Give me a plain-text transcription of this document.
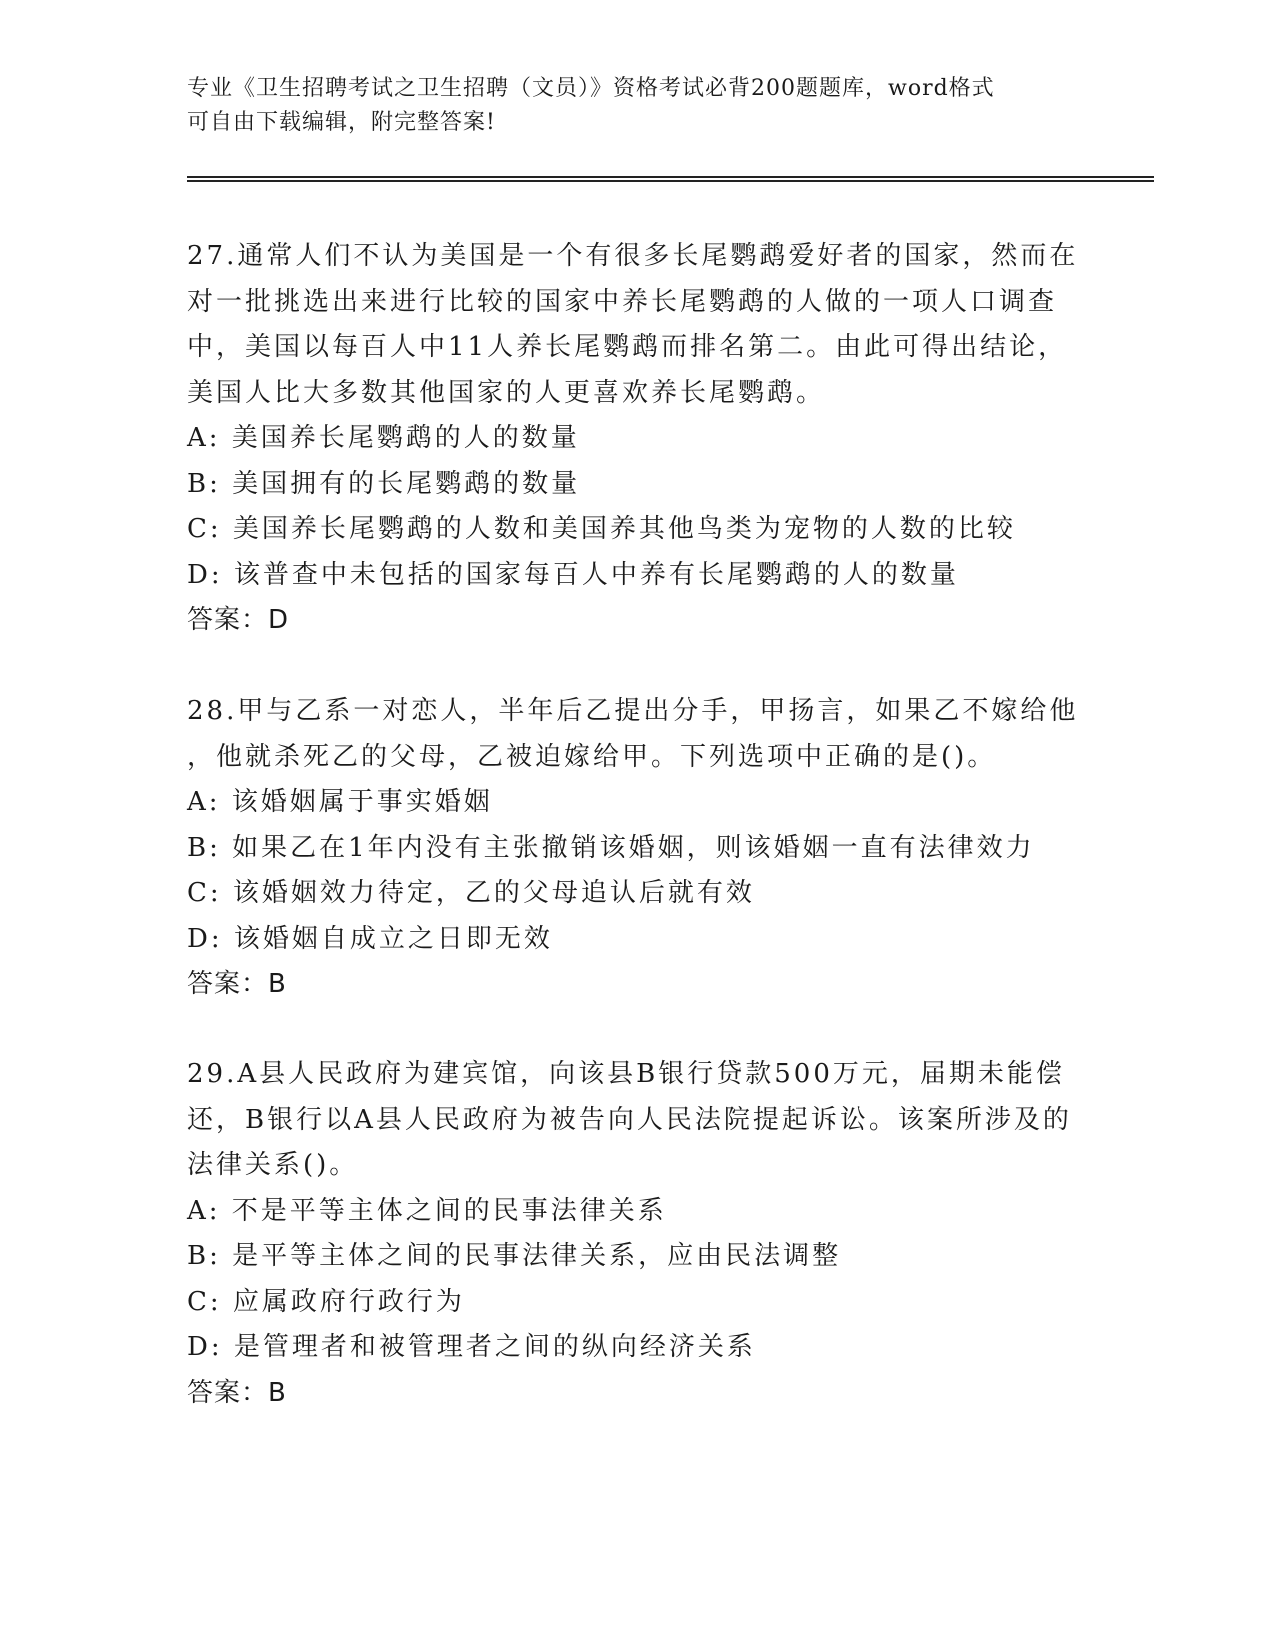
专业《卫生招聘考试之卫生招聘（文员）》资格考试必背200题题库，word格式
可自由下载编辑，附完整答案!
27.通常人们不认为美国是一个有很多长尾鹦鹉爱好者的国家，然而在
对一批挑选出来进行比较的国家中养长尾鹦鹉的人做的一项人口调查
中，美国以每百人中11人养长尾鹦鹉而排名第二。由此可得出结论，
美国人比大多数其他国家的人更喜欢养长尾鹦鹉。
A: 美国养长尾鹦鹉的人的数量
B: 美国拥有的长尾鹦鹉的数量
C: 美国养长尾鹦鹉的人数和美国养其他鸟类为宠物的人数的比较
D: 该普查中未包括的国家每百人中养有长尾鹦鹉的人的数量
答案：D
28.甲与乙系一对恋人，半年后乙提出分手，甲扬言，如果乙不嫁给他
，他就杀死乙的父母，乙被迫嫁给甲。下列选项中正确的是()。
A: 该婚姻属于事实婚姻
B: 如果乙在1年内没有主张撤销该婚姻，则该婚姻一直有法律效力
C: 该婚姻效力待定，乙的父母追认后就有效
D: 该婚姻自成立之日即无效
答案：B
29.A县人民政府为建宾馆，向该县B银行贷款500万元，届期未能偿
还，B银行以A县人民政府为被告向人民法院提起诉讼。该案所涉及的
法律关系()。
A: 不是平等主体之间的民事法律关系
B: 是平等主体之间的民事法律关系，应由民法调整
C: 应属政府行政行为
D: 是管理者和被管理者之间的纵向经济关系
答案：B
